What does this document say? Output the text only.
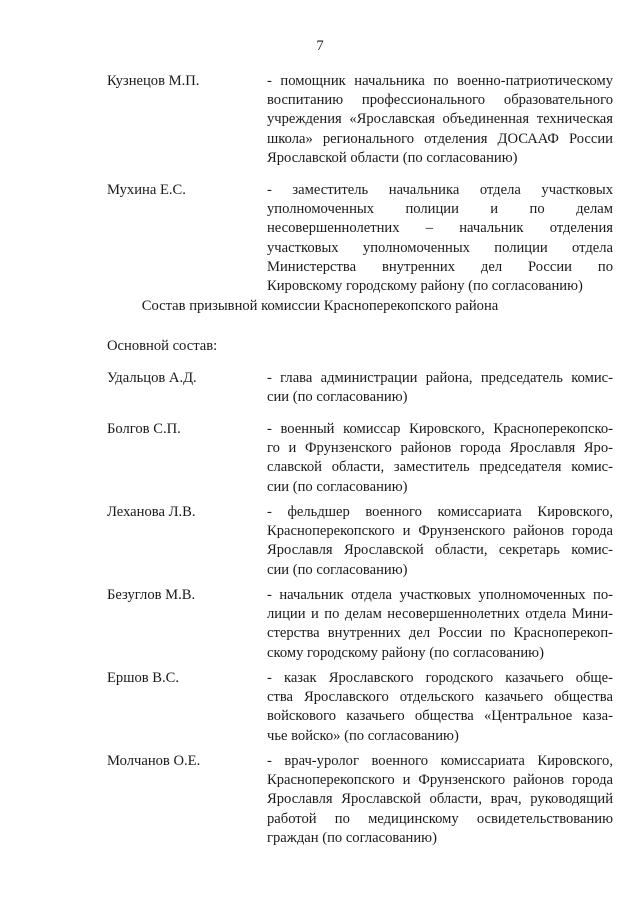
7
Кузнецов М.П.	- помощник начальника по военно-патриотическому
воспитанию профессионального образовательного
учреждения «Ярославская объединенная техническая
школа» регионального отделения ДОСААФ России
Ярославской области (по согласованию)
Мухина Е.С.	- заместитель начальника отдела участковых
уполномоченных полиции и по делам
несовершеннолетних – начальник отделения
участковых уполномоченных полиции отдела
Министерства внутренних дел России по
Кировскому городскому району (по согласованию)
Состав призывной комиссии Красноперекопского района
Основной состав:
Удальцов А.Д.	- глава администрации района, председатель комис-
сии (по согласованию)
Болгов С.П.	- военный комиссар Кировского, Красноперекопско-
го и Фрунзенского районов города Ярославля Яро-
славской области, заместитель председателя комис-
сии (по согласованию)
Леханова Л.В.	- фельдшер военного комиссариата Кировского,
Красноперекопского и Фрунзенского районов города
Ярославля Ярославской области, секретарь комис-
сии (по согласованию)
Безуглов М.В.	- начальник отдела участковых уполномоченных по-
лиции и по делам несовершеннолетних отдела Мини-
стерства внутренних дел России по Красноперекоп-
скому городскому району (по согласованию)
Ершов В.С.	- казак Ярославского городского казачьего обще-
ства Ярославского отдельского казачьего общества
войскового казачьего общества «Центральное каза-
чье войско» (по согласованию)
Молчанов О.Е.	- врач-уролог военного комиссариата Кировского,
Красноперекопского и Фрунзенского районов города
Ярославля Ярославской области, врач, руководящий
работой по медицинскому освидетельствованию
граждан (по согласованию)
